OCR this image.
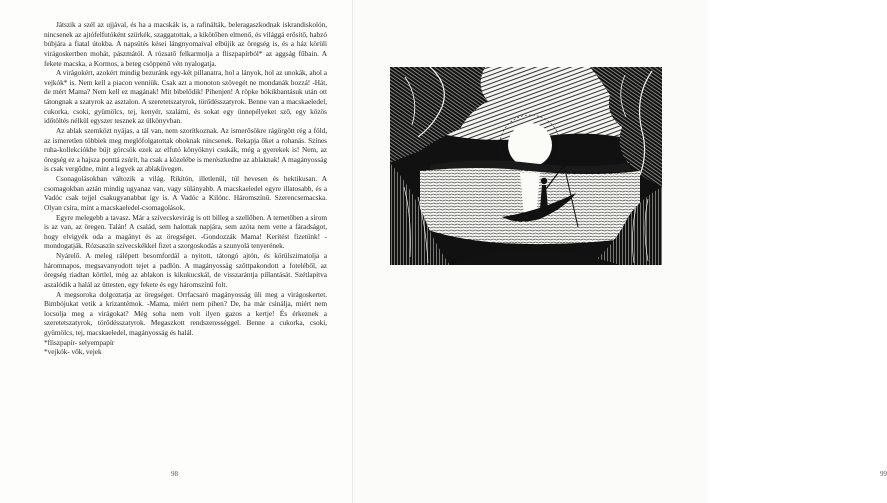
Játszik a szél az ujjával, és ha a macskák is, a rafinálták, beleragaszkodnak iskrandiskolón, nincsenek az ajtófelfutóként szürkék, szaggatottak, a kikötőben elmenő, és világgá erősítő, habzó búbjára a fiatal útokba. A napsütés kései lángnyomaival elbújik az öregség is, és a ház körüli virágoskertben mohát, pászmától. A rózsatő felkarmolja a fliszpapírból* az aggság fűbain. A fekete macska, a Kormos, a beteg csöppenő vén nyalogatja.

A virágokért, azokért mindig bezuránk egy-két pillanatra, hol a lányok, hol az unokák, ahol a vejkók* is. Nem kell a piacon venniük. Csak azt a monoton szövegét ne mondanák hozzá! -Hát, de mért Mama? Nem kell ez magának! Mit bibelődik! Pihenjen! A röpke bókikbantásuk után ott tátongnak a szatyrok az asztalon. A szeretetszatyrok, törődésszatyrok. Benne van a macskaeledel, cukorka, csoki, gyümölcs, tej, kenyér, szalámi, és sokat egy ünnepélyeket sző, egy közös időtöltés nélkül egyszer tesznek az ülkönyvban.

Az ablak szemközt nyájas, a tál van, nem szorítkoznak. Az ismerősökre rágörgött rég a föld, az ismeretlen többiek meg meglófolgatottak oboknak nincsenek. Rekapja őket a rohanás. Színes ruha-kollekciókbe bújt görcsök ezek az elfutó könyöknyi csukák, még a gyerekek is! Nem, az öregség ez a hajsza ponttá zsúrít, ha csak a közelébe is merészkedne az ablaknak! A magányosság is csak vergődne, mint a legyek az ablaküvegen.

Csonagolásokban változik a világ. Rikítón, illetlenül, túl hevesen és hektikusan. A csomagokban aztán mindig ugyanaz van, vagy sülányabb. A macskaeledel egyre illatosabb, és a Vadóc csak tejjel csakugyanabbat így is. A Vadóc a Kilónc. Háromszínű. Szerencsemacska. Olyan csíra, mint a macskaeledel-csomagolások.

Egyre melegebb a tavasz. Már a szívecskevirág is ott billeg a szellőben. A temetőben a sírom is az van, az öregen. Talán! A család, sem halottak napjára, sem azóta nem vette a fáradságot, hogy elvigyék oda a magányt és az öregséget. -Gondozzák Mama! Kerítést fizetünk! - mondogatják. Rózsaszín szívecskékkel fizet a szorgoskodás a szunyolá tenyerének.

Nyárelő. A meleg rálépett besomfordál a nyitott, tátongó ajtón, és körülszimatolja a háromnapos, megsavanyodott tejet a padlón. A magányosság szőttpakondott a foteléből, az öregség riadtan körtlel, még az ablakon is kikukucskál, de visszarántja pillantását. Szétlapítva aszalódik a halál az üttesten, egy fekete és egy háromszínű folt.

A megsoroka dolgoztatja az öregséget. Orrfacsaró magányosság üli meg a virágoskertet. Bimbójukat vetik a krizantémok. -Mama, miért nem pihen? De, ha már csinálja, miért nem locsolja meg a virágokat? Még soha nem volt ilyen gazos a kertje! És érkeznek a szeretetszatyrok, törődésszatyrok. Megaszkott rendszerességgel. Benne a cukorka, csoki, gyümölcs, tej, macskaeledel, magányosság és halál.

*fliszpapír- selyempapír

*vejkók- vők, vejek

98	99
